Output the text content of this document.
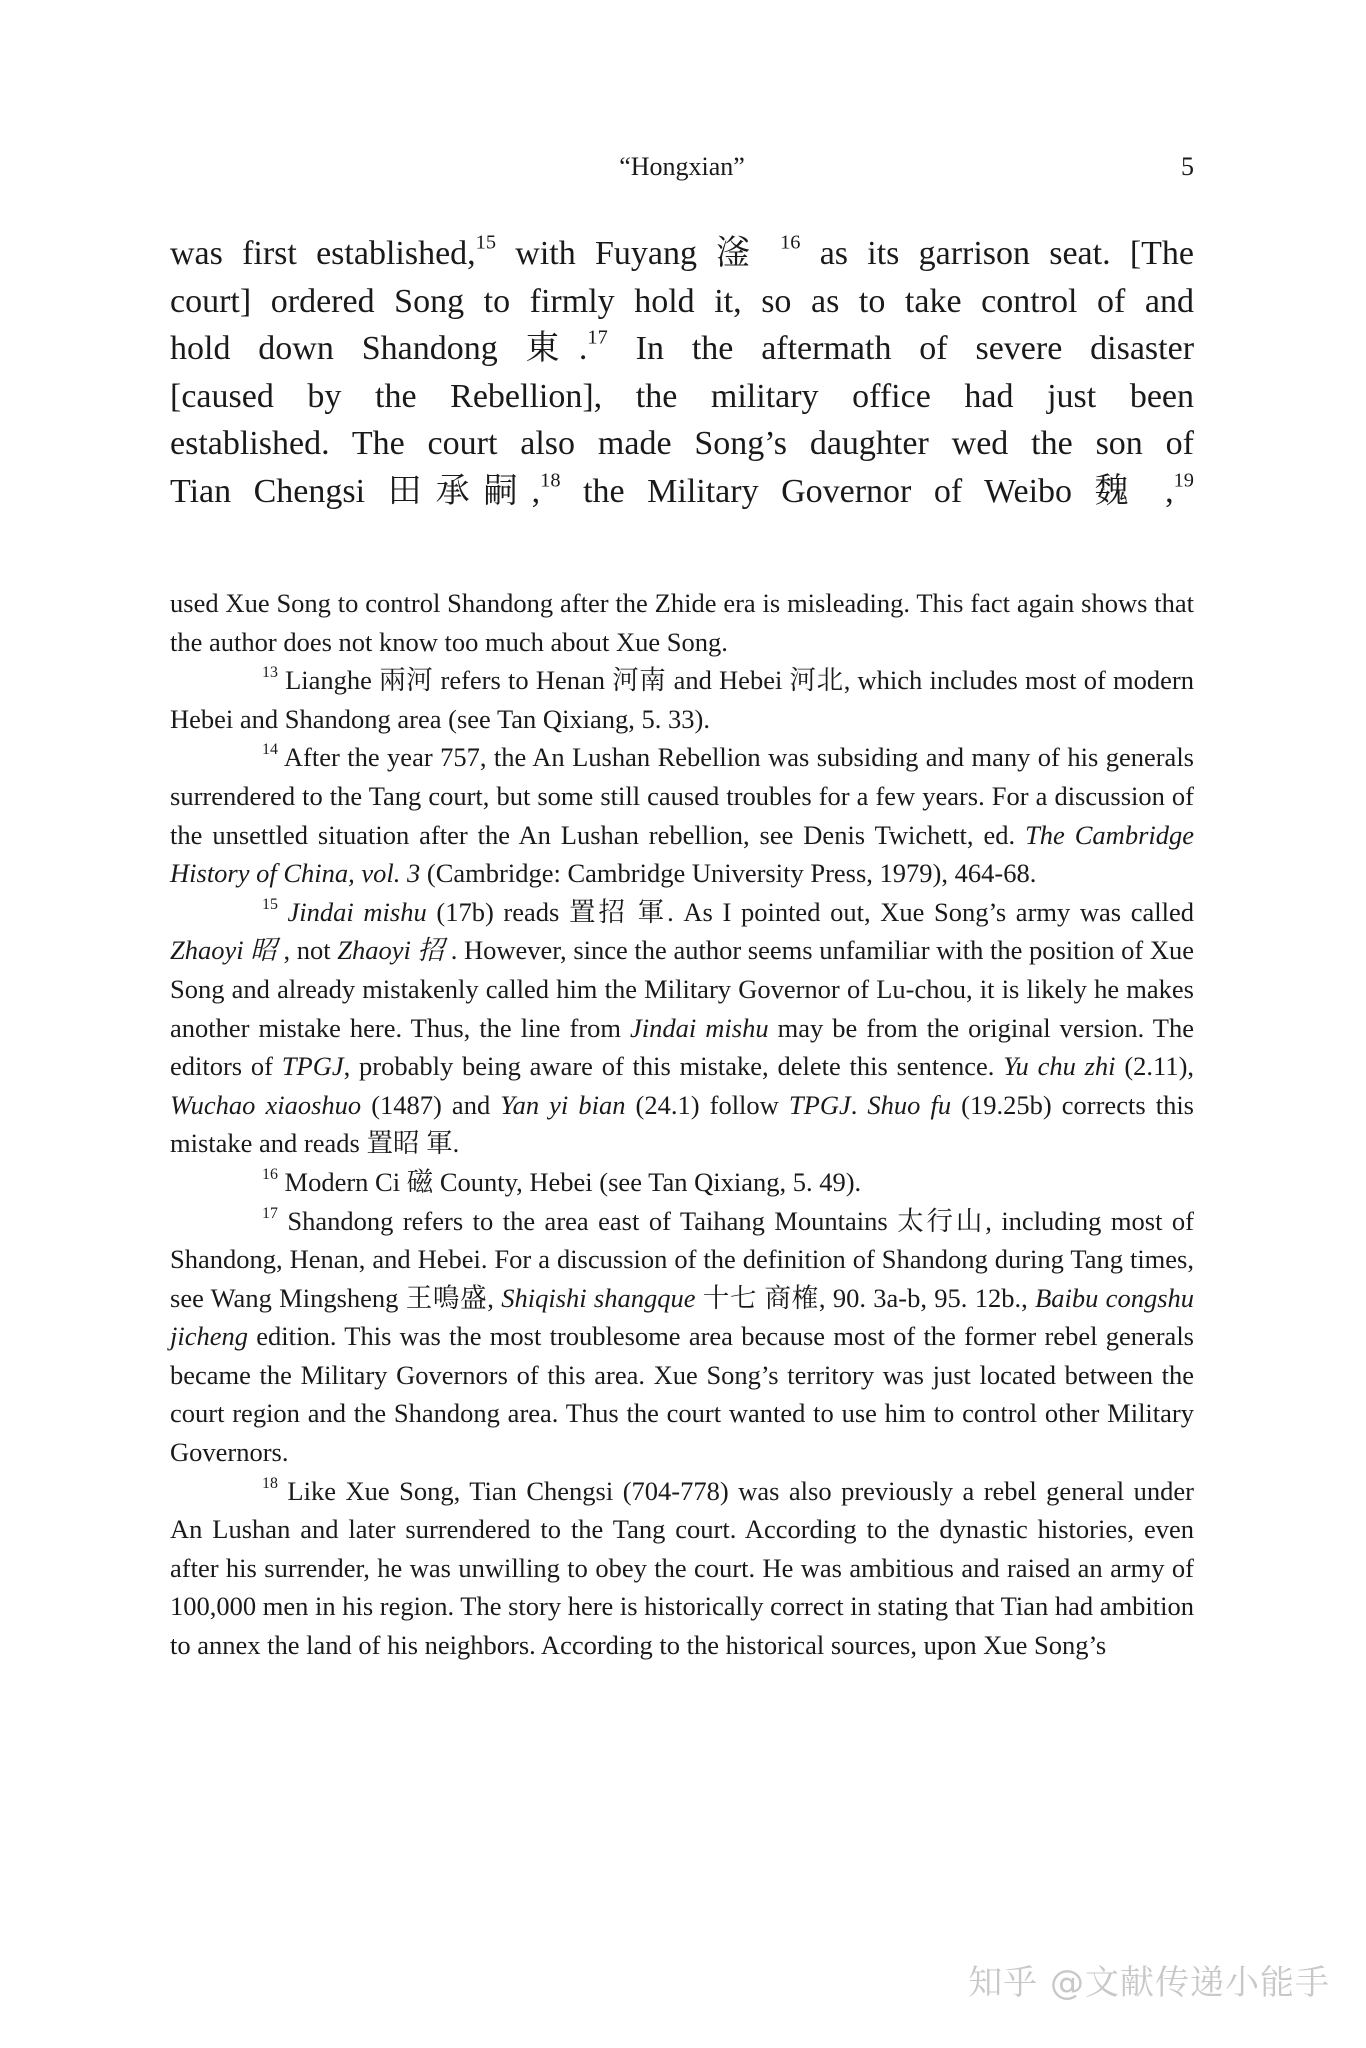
“Hongxian”	5
was first established,$^{15}$ with Fuyang 滏 $^{16}$ as its garrison seat. [The
court] ordered Song to firmly hold it, so as to take control of and
hold down Shandong 東.$^{17}$ In the aftermath of severe disaster
[caused by the Rebellion], the military office had just been
established. The court also made Song’s daughter wed the son of
Tian Chengsi 田承嗣,$^{18}$ the Military Governor of Weibo 魏 ,$^{19}$

used Xue Song to control Shandong after the Zhide era is misleading. This fact again shows that the author does not know too much about Xue Song.

$^{13}$ Lianghe 兩河 refers to Henan 河南 and Hebei 河北, which includes most of modern Hebei and Shandong area (see Tan Qixiang, 5. 33).

$^{14}$ After the year 757, the An Lushan Rebellion was subsiding and many of his generals surrendered to the Tang court, but some still caused troubles for a few years. For a discussion of the unsettled situation after the An Lushan rebellion, see Denis Twichett, ed. The Cambridge History of China, vol. 3 (Cambridge: Cambridge University Press, 1979), 464-68.

$^{15}$ Jindai mishu (17b) reads 置招 軍. As I pointed out, Xue Song’s army was called Zhaoyi 昭 , not Zhaoyi 招 . However, since the author seems unfamiliar with the position of Xue Song and already mistakenly called him the Military Governor of Lu-chou, it is likely he makes another mistake here. Thus, the line from Jindai mishu may be from the original version. The editors of TPGJ, probably being aware of this mistake, delete this sentence. Yu chu zhi (2.11), Wuchao xiaoshuo (1487) and Yan yi bian (24.1) follow TPGJ. Shuo fu (19.25b) corrects this mistake and reads 置昭 軍.

$^{16}$ Modern Ci 磁 County, Hebei (see Tan Qixiang, 5. 49).

$^{17}$ Shandong refers to the area east of Taihang Mountains 太行山, including most of Shandong, Henan, and Hebei. For a discussion of the definition of Shandong during Tang times, see Wang Mingsheng 王鳴盛, Shiqishi shangque 十七 商榷, 90. 3a-b, 95. 12b., Baibu congshu jicheng edition. This was the most troublesome area because most of the former rebel generals became the Military Governors of this area. Xue Song’s territory was just located between the court region and the Shandong area. Thus the court wanted to use him to control other Military Governors.

$^{18}$ Like Xue Song, Tian Chengsi (704-778) was also previously a rebel general under An Lushan and later surrendered to the Tang court. According to the dynastic histories, even after his surrender, he was unwilling to obey the court. He was ambitious and raised an army of 100,000 men in his region. The story here is historically correct in stating that Tian had ambition to annex the land of his neighbors. According to the historical sources, upon Xue Song’s

知乎 @文献传递小能手
